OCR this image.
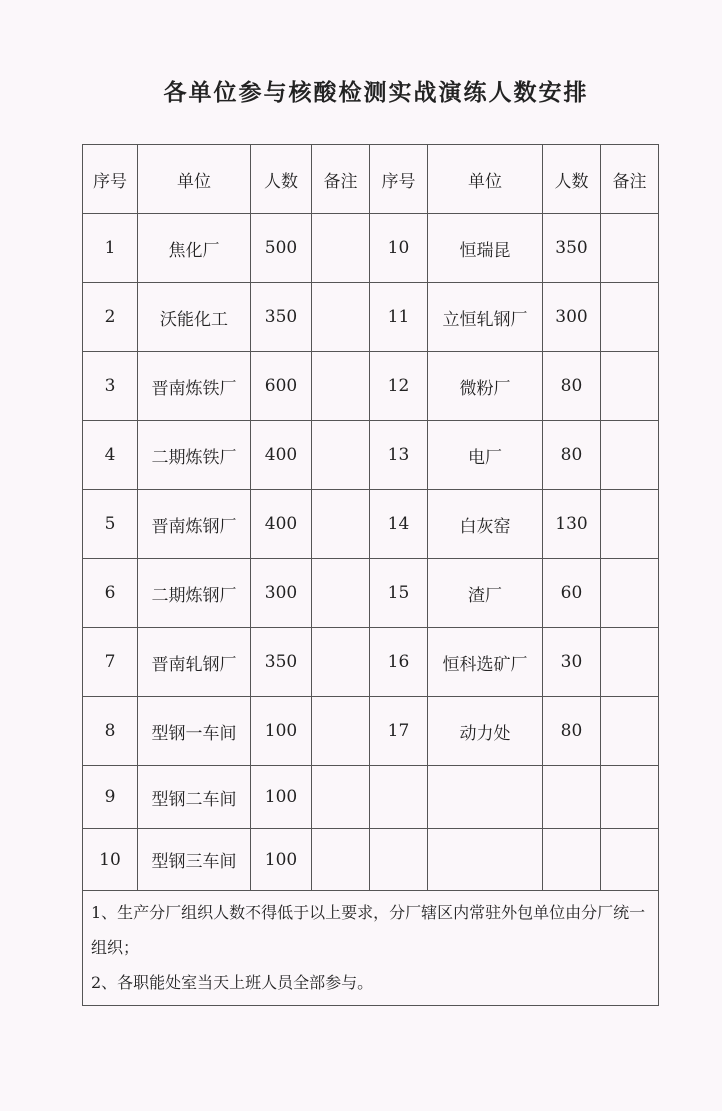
各单位参与核酸检测实战演练人数安排
序号	单位	人数	备注	序号	单位	人数	备注
1	焦化厂	500		10	恒瑞昆	350	
2	沃能化工	350		11	立恒轧钢厂	300	
3	晋南炼铁厂	600		12	微粉厂	80	
4	二期炼铁厂	400		13	电厂	80	
5	晋南炼钢厂	400		14	白灰窑	130	
6	二期炼钢厂	300		15	渣厂	60	
7	晋南轧钢厂	350		16	恒科选矿厂	30	
8	型钢一车间	100		17	动力处	80	
9	型钢二车间	100					
10	型钢三车间	100					

1、生产分厂组织人数不得低于以上要求，分厂辖区内常驻外包单位由分厂统一组织；
2、各职能处室当天上班人员全部参与。							
